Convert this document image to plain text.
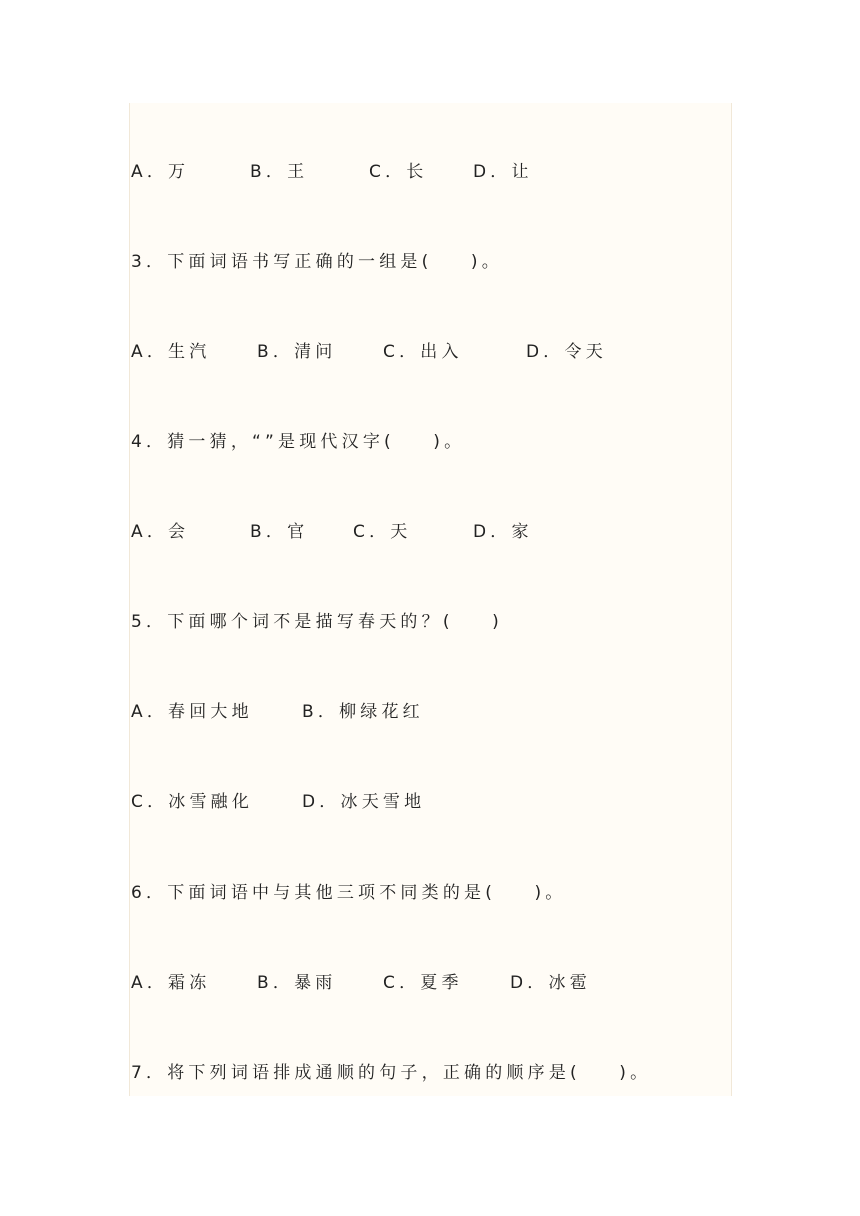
A．万

	B．王

	C．长

	D．让

3．下面词语书写正确的一组是(    )。

A．生汽

	B．清问

	C．出入

	D．令天

4．猜一猜，“”是现代汉字(    )。

A．会

	B．官

	C．天

	D．家

5．下面哪个词不是描写春天的？(    )

A．春回大地

	B．柳绿花红

C．冰雪融化

	D．冰天雪地

6．下面词语中与其他三项不同类的是(    )。

A．霜冻

	B．暴雨

	C．夏季

	D．冰雹

7．将下列词语排成通顺的句子，正确的顺序是(    )。
